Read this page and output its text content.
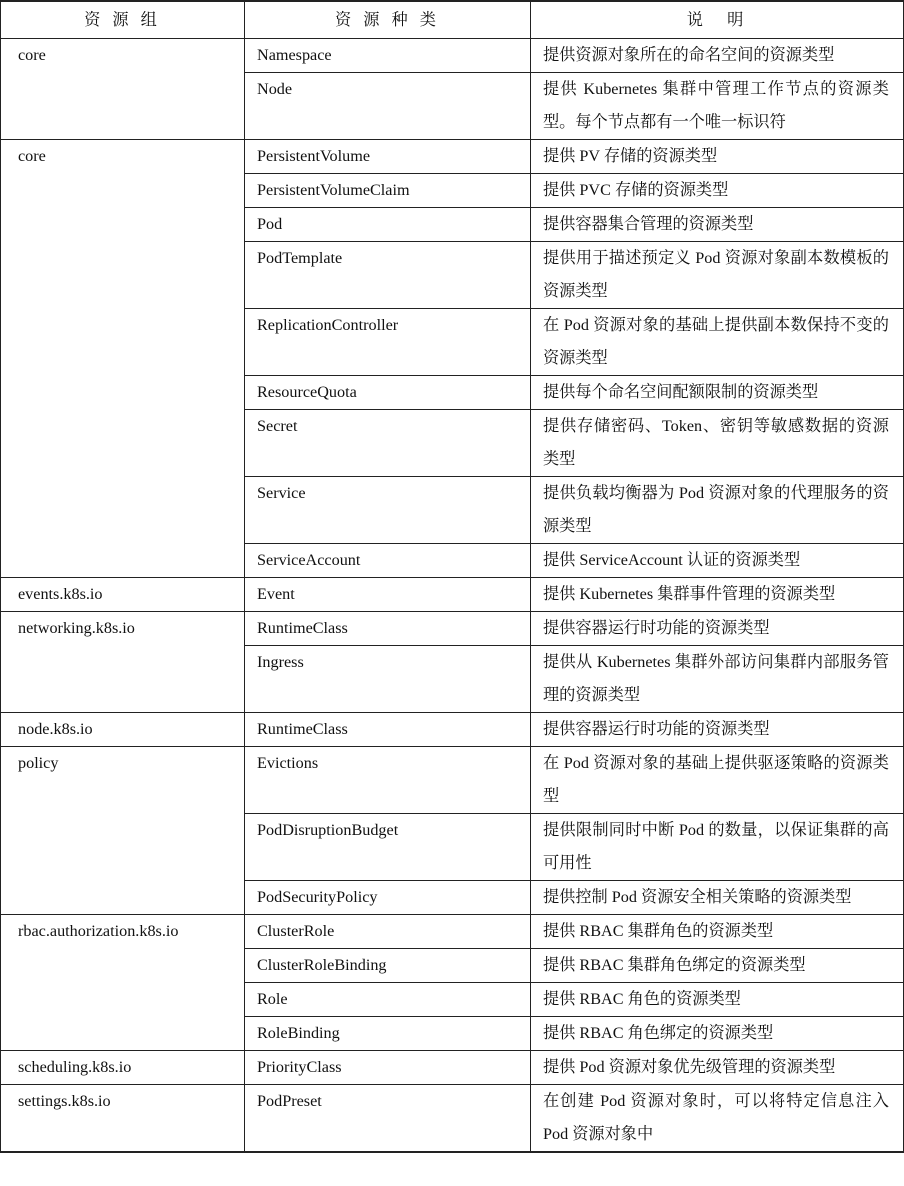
资 源 组	资 源 种 类	说　明
core	Namespace	提供资源对象所在的命名空间的资源类型
	Node	提供 Kubernetes 集群中管理工作节点的资源类型。每个节点都有一个唯一标识符
core	PersistentVolume	提供 PV 存储的资源类型
	PersistentVolumeClaim	提供 PVC 存储的资源类型
	Pod	提供容器集合管理的资源类型
	PodTemplate	提供用于描述预定义 Pod 资源对象副本数模板的资源类型
	ReplicationController	在 Pod 资源对象的基础上提供副本数保持不变的资源类型
	ResourceQuota	提供每个命名空间配额限制的资源类型
	Secret	提供存储密码、Token、密钥等敏感数据的资源类型
	Service	提供负载均衡器为 Pod 资源对象的代理服务的资源类型
	ServiceAccount	提供 ServiceAccount 认证的资源类型
events.k8s.io	Event	提供 Kubernetes 集群事件管理的资源类型
networking.k8s.io	RuntimeClass	提供容器运行时功能的资源类型
	Ingress	提供从 Kubernetes 集群外部访问集群内部服务管理的资源类型
node.k8s.io	RuntimeClass	提供容器运行时功能的资源类型
policy	Evictions	在 Pod 资源对象的基础上提供驱逐策略的资源类型
	PodDisruptionBudget	提供限制同时中断 Pod 的数量，以保证集群的高可用性
	PodSecurityPolicy	提供控制 Pod 资源安全相关策略的资源类型
rbac.authorization.k8s.io	ClusterRole	提供 RBAC 集群角色的资源类型
	ClusterRoleBinding	提供 RBAC 集群角色绑定的资源类型
	Role	提供 RBAC 角色的资源类型
	RoleBinding	提供 RBAC 角色绑定的资源类型
scheduling.k8s.io	PriorityClass	提供 Pod 资源对象优先级管理的资源类型
settings.k8s.io	PodPreset	在创建 Pod 资源对象时，可以将特定信息注入 Pod 资源对象中
